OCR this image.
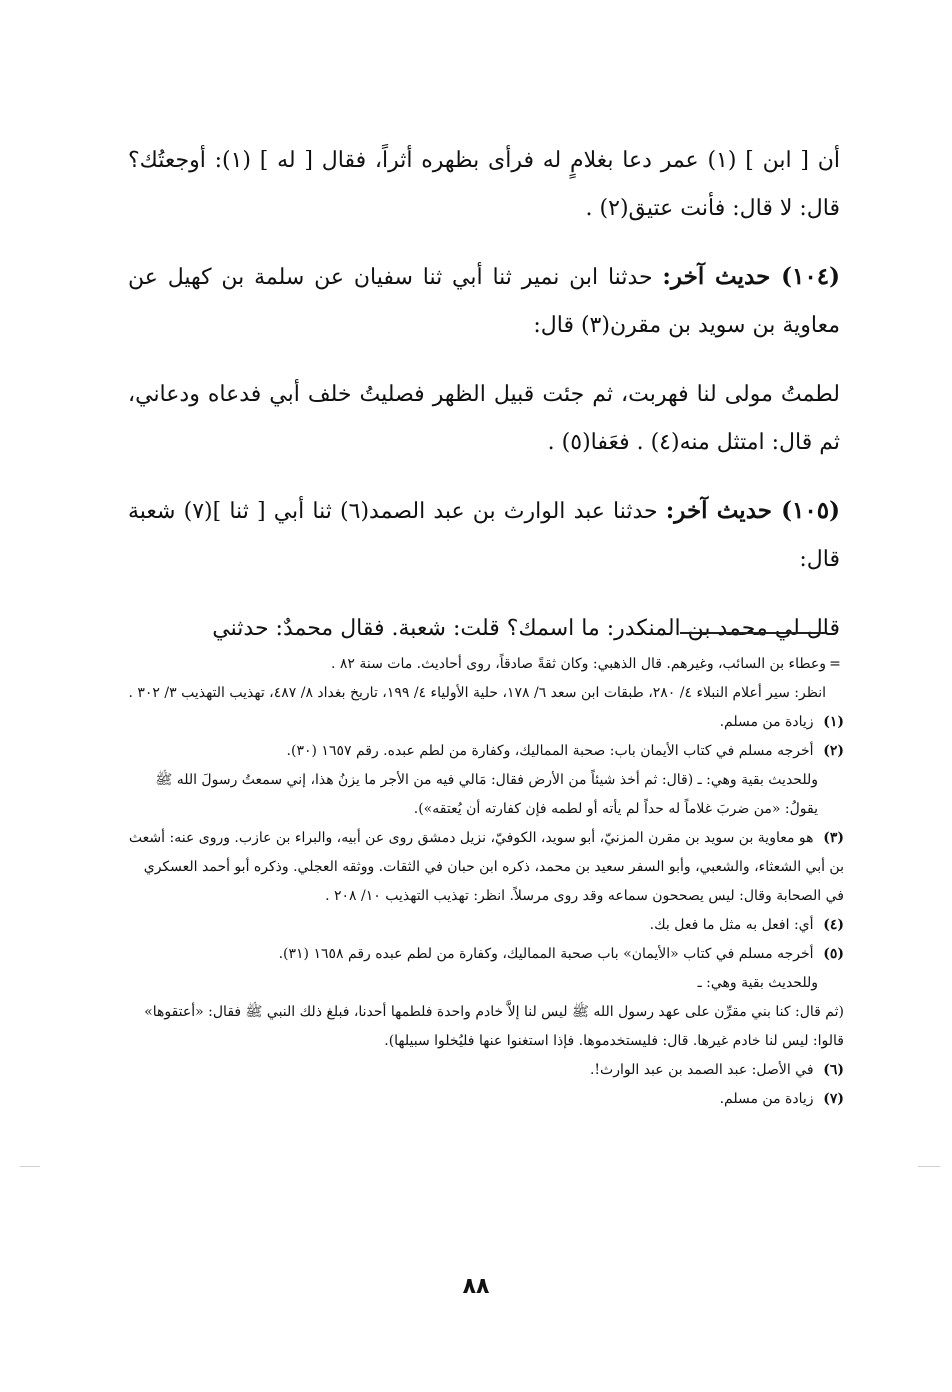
أن [ ابن ] (١) عمر دعا بغلامٍ له فرأى بظهره أثراً، فقال [ له ] (١): أوجعتُك؟ قال: لا قال: فأنت عتيق(٢) .

(١٠٤) حديث آخر: حدثنا ابن نمير ثنا أبي ثنا سفيان عن سلمة بن كهيل عن معاوية بن سويد بن مقرن(٣) قال:

لطمتُ مولى لنا فهربت، ثم جئت قبيل الظهر فصليتُ خلف أبي فدعاه ودعاني، ثم قال: امتثل منه(٤) . فعَفا(٥) .

(١٠٥) حديث آخر: حدثنا عبد الوارث بن عبد الصمد(٦) ثنا أبي [ ثنا ](٧) شعبة قال:

قال لي محمد بن المنكدر: ما اسمك؟ قلت: شعبة. فقال محمدٌ: حدثني

=وعطاء بن السائب، وغيرهم. قال الذهبي: وكان ثقةً صادقاً، روى أحاديث. مات سنة ٨٢ .
انظر: سير أعلام النبلاء ٤/ ٢٨٠، طبقات ابن سعد ٦/ ١٧٨، حلية الأولياء ٤/ ١٩٩، تاريخ بغداد ٨/ ٤٨٧، تهذيب التهذيب ٣/ ٣٠٢ .
(١) زيادة من مسلم.
(٢) أخرجه مسلم في كتاب الأيمان باب: صحبة المماليك، وكفارة من لطم عبده. رقم ١٦٥٧ (٣٠).
وللحديث بقية وهي: ـ (قال: ثم أخذ شيئاً من الأرض فقال: مَالي فيه من الأجر ما يزنُ هذا، إني سمعتُ رسولَ الله ﷺ يقولُ: «من ضربَ غلاماً له حداً لم يأته أو لطمه فإن كفارته أن يُعتقه»).
(٣) هو معاوية بن سويد بن مقرن المزنيّ، أبو سويد، الكوفيّ، نزيل دمشق روى عن أبيه، والبراء بن عازب. وروى عنه: أشعث بن أبي الشعثاء، والشعبي، وأبو السفر سعيد بن محمد، ذكره ابن حبان في الثقات. ووثقه العجلي. وذكره أبو أحمد العسكري في الصحابة وقال: ليس يصححون سماعه وقد روى مرسلاً. انظر: تهذيب التهذيب ١٠/ ٢٠٨ .
(٤) أي: افعل به مثل ما فعل بك.
(٥) أخرجه مسلم في كتاب «الأيمان» باب صحبة المماليك، وكفارة من لطم عبده رقم ١٦٥٨ (٣١).
وللحديث بقية وهي: ـ
(ثم قال: كنا بني مقرِّن على عهد رسول الله ﷺ ليس لنا إلاَّ خادم واحدة فلطمها أحدنا، فبلغ ذلك النبي ﷺ فقال: «أعتقوها» قالوا: ليس لنا خادم غيرها. قال: فليستخدموها. فإذا استغنوا عنها فليُخلوا سبيلها).
(٦) في الأصل: عبد الصمد بن عبد الوارث!.
(٧) زيادة من مسلم.
٨٨
